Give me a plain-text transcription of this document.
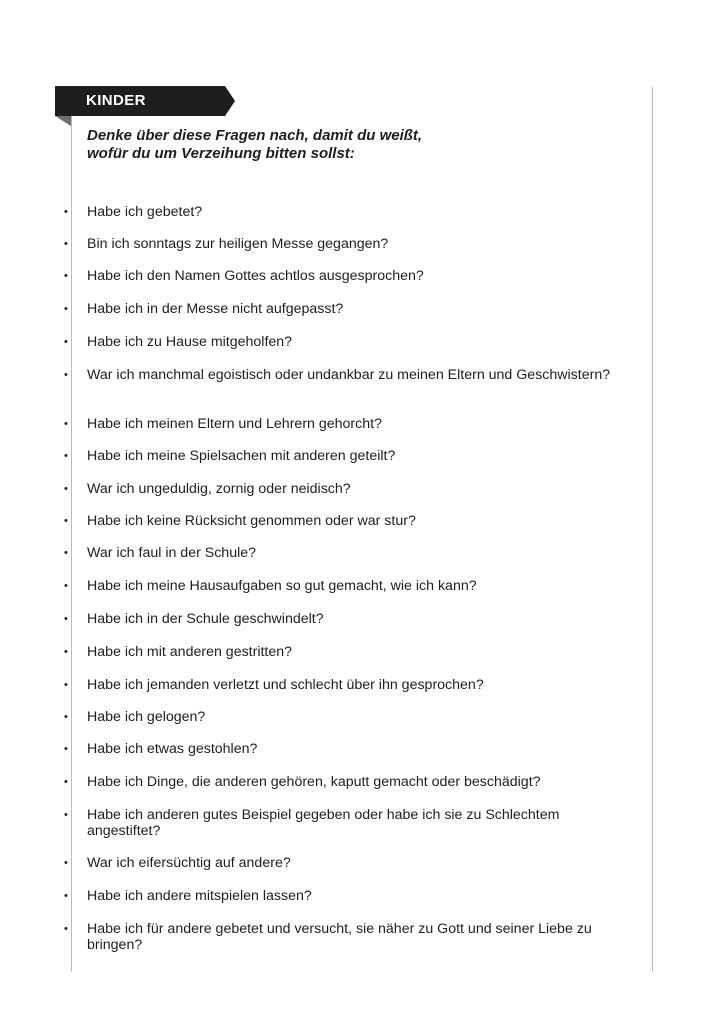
KINDER
Denke über diese Fragen nach, damit du weißt,
wofür du um Verzeihung bitten sollst:
• Habe ich gebetet?
• Bin ich sonntags zur heiligen Messe gegangen?
• Habe ich den Namen Gottes achtlos ausgesprochen?
• Habe ich in der Messe nicht aufgepasst?
• Habe ich zu Hause mitgeholfen?
• War ich manchmal egoistisch oder undankbar zu meinen Eltern und Geschwistern?
• Habe ich meinen Eltern und Lehrern gehorcht?
• Habe ich meine Spielsachen mit anderen geteilt?
• War ich ungeduldig, zornig oder neidisch?
• Habe ich keine Rücksicht genommen oder war stur?
• War ich faul in der Schule?
• Habe ich meine Hausaufgaben so gut gemacht, wie ich kann?
• Habe ich in der Schule geschwindelt?
• Habe ich mit anderen gestritten?
• Habe ich jemanden verletzt und schlecht über ihn gesprochen?
• Habe ich gelogen?
• Habe ich etwas gestohlen?
• Habe ich Dinge, die anderen gehören, kaputt gemacht oder beschädigt?
• Habe ich anderen gutes Beispiel gegeben oder habe ich sie zu Schlechtem angestiftet?
• War ich eifersüchtig auf andere?
• Habe ich andere mitspielen lassen?
• Habe ich für andere gebetet und versucht, sie näher zu Gott und seiner Liebe zu bringen?
